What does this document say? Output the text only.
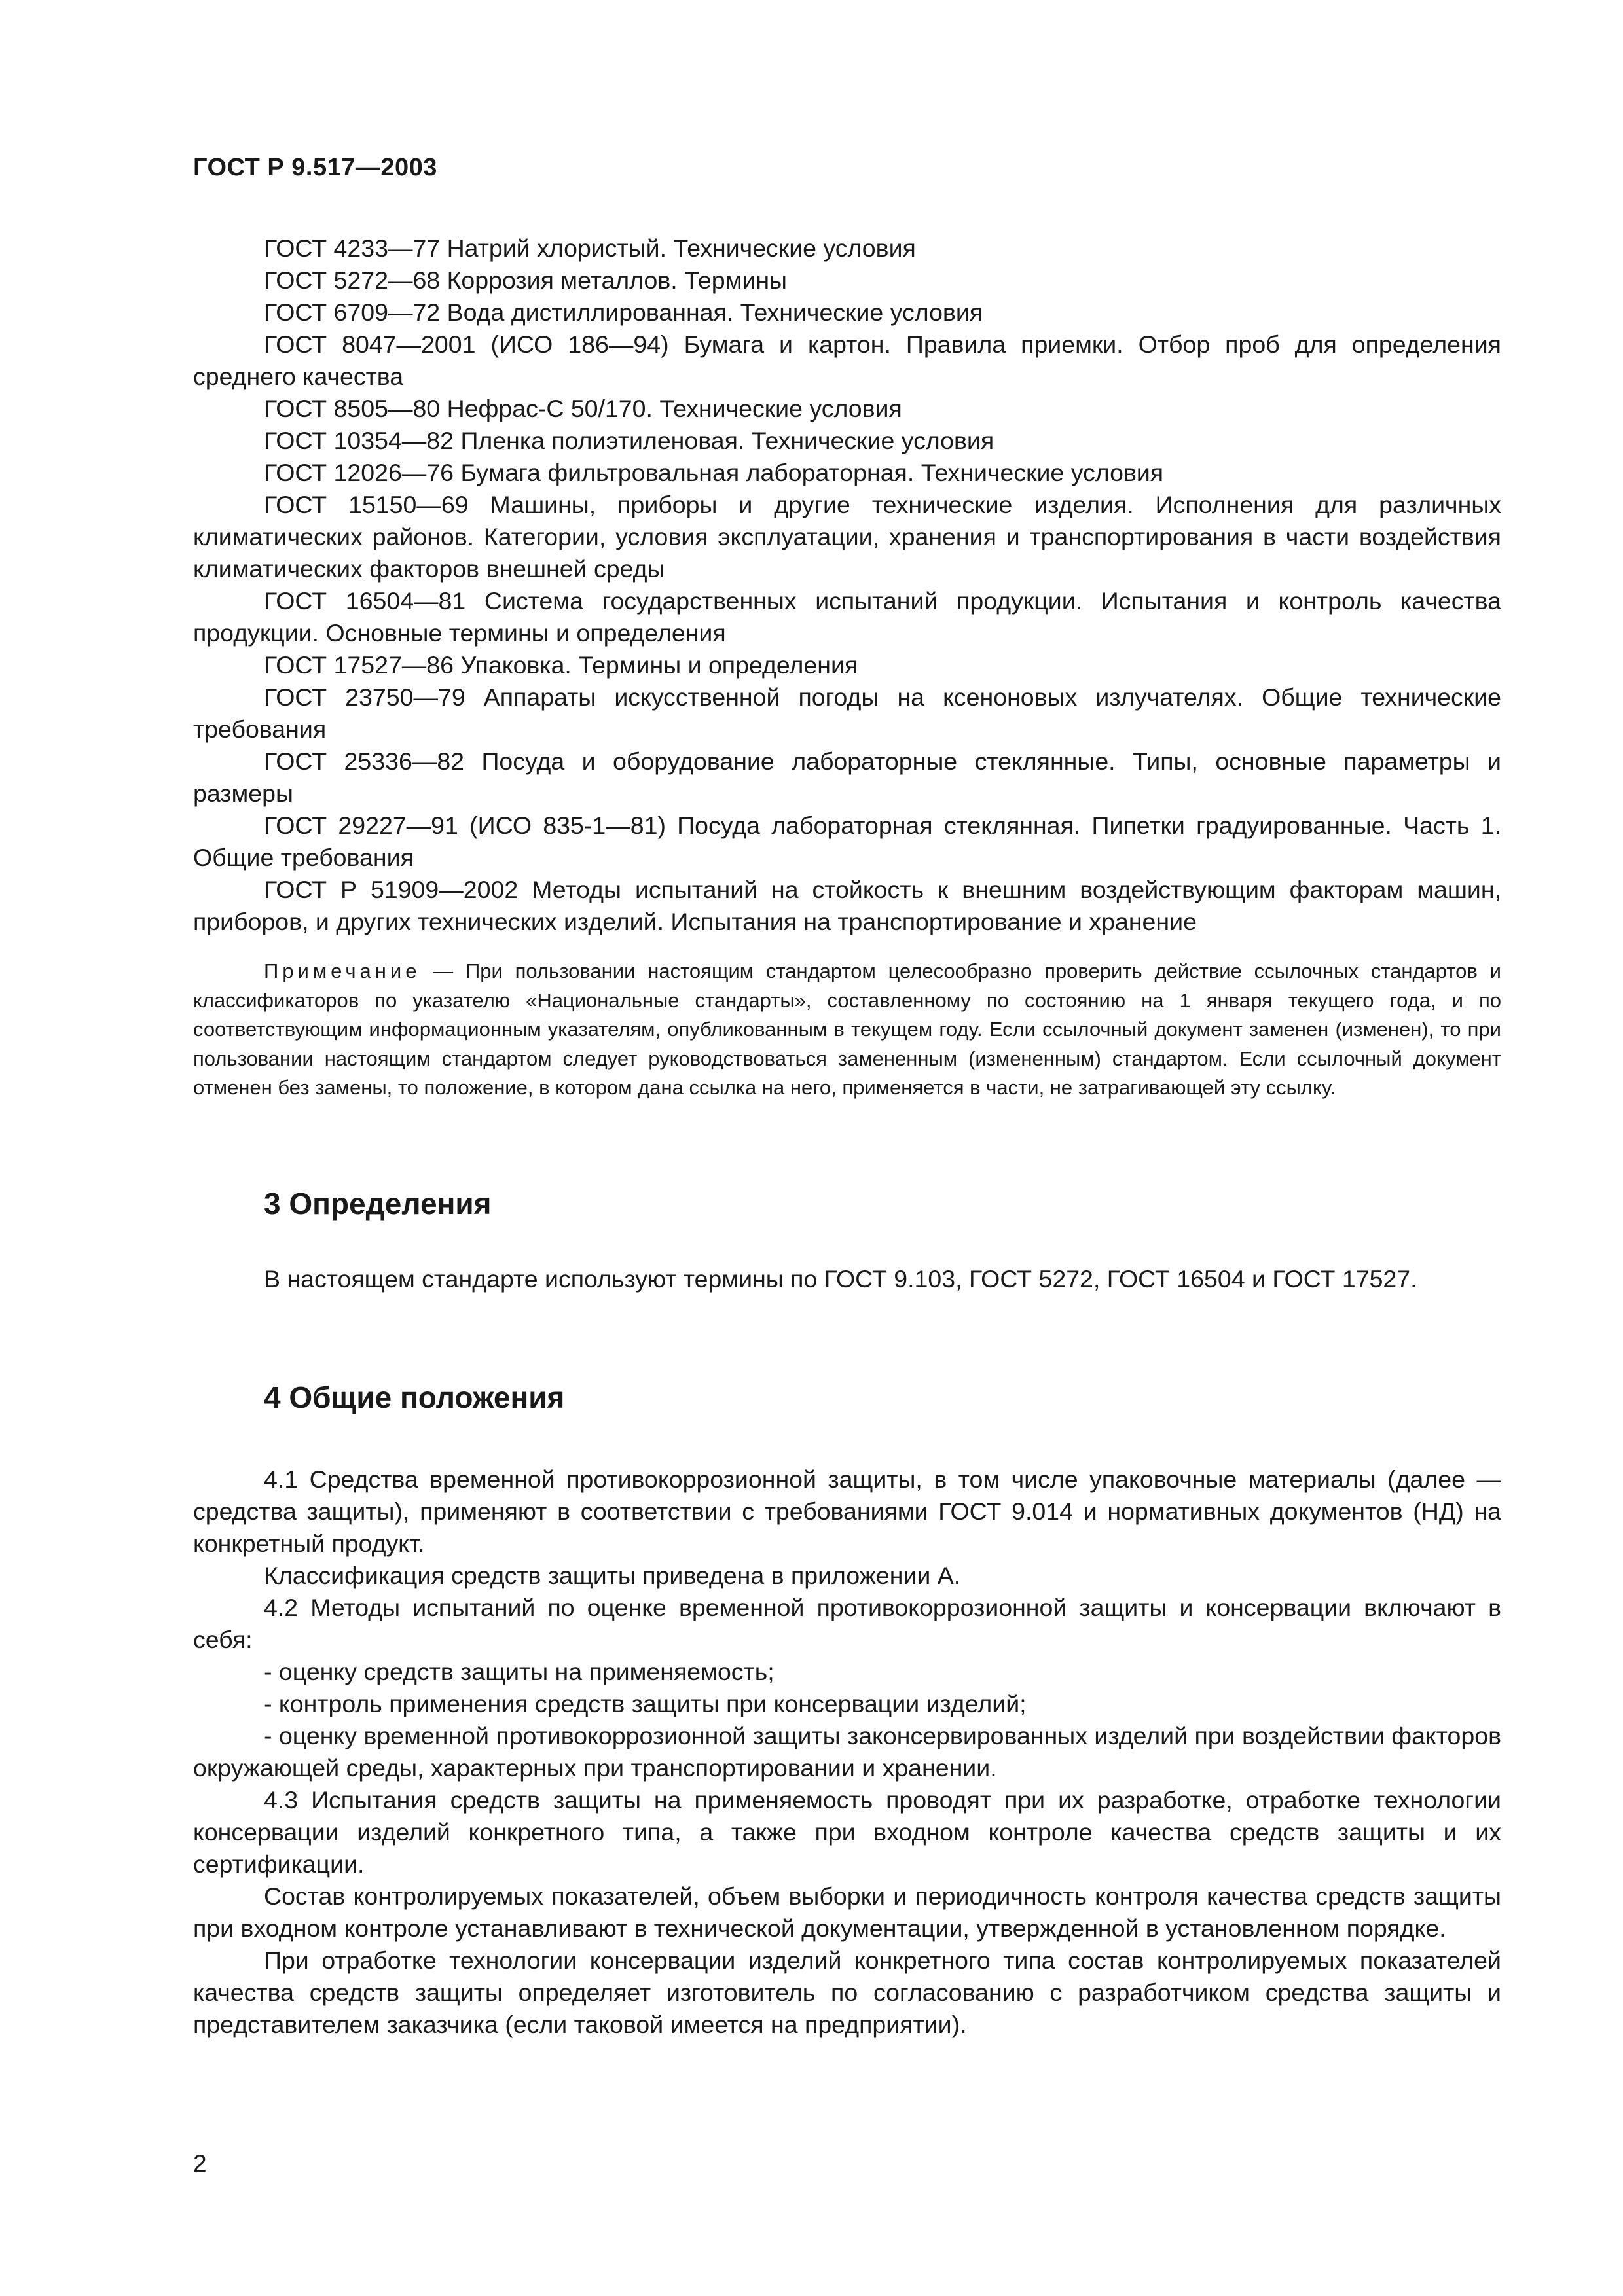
ГОСТ Р 9.517—2003

ГОСТ 4233—77 Натрий хлористый. Технические условия

ГОСТ 5272—68 Коррозия металлов. Термины

ГОСТ 6709—72 Вода дистиллированная. Технические условия

ГОСТ 8047—2001 (ИСО 186—94) Бумага и картон. Правила приемки. Отбор проб для определения среднего качества

ГОСТ 8505—80 Нефрас-С 50/170. Технические условия

ГОСТ 10354—82 Пленка полиэтиленовая. Технические условия

ГОСТ 12026—76 Бумага фильтровальная лабораторная. Технические условия

ГОСТ 15150—69 Машины, приборы и другие технические изделия. Исполнения для различных климатических районов. Категории, условия эксплуатации, хранения и транспортирования в части воздействия климатических факторов внешней среды

ГОСТ 16504—81 Система государственных испытаний продукции. Испытания и контроль качества продукции. Основные термины и определения

ГОСТ 17527—86 Упаковка. Термины и определения

ГОСТ 23750—79 Аппараты искусственной погоды на ксеноновых излучателях. Общие технические требования

ГОСТ 25336—82 Посуда и оборудование лабораторные стеклянные. Типы, основные параметры и размеры

ГОСТ 29227—91 (ИСО 835-1—81) Посуда лабораторная стеклянная. Пипетки градуированные. Часть 1. Общие требования

ГОСТ Р 51909—2002 Методы испытаний на стойкость к внешним воздействующим факторам машин, приборов, и других технических изделий. Испытания на транспортирование и хранение

Примечание — При пользовании настоящим стандартом целесообразно проверить действие ссылочных стандартов и классификаторов по указателю «Национальные стандарты», составленному по состоянию на 1 января текущего года, и по соответствующим информационным указателям, опубликованным в текущем году. Если ссылочный документ заменен (изменен), то при пользовании настоящим стандартом следует руководствоваться замененным (измененным) стандартом. Если ссылочный документ отменен без замены, то положение, в котором дана ссылка на него, применяется в части, не затрагивающей эту ссылку.
3 Определения

В настоящем стандарте используют термины по ГОСТ 9.103, ГОСТ 5272, ГОСТ 16504 и ГОСТ 17527.

4 Общие положения

4.1 Средства временной противокоррозионной защиты, в том числе упаковочные материалы (далее — средства защиты), применяют в соответствии с требованиями ГОСТ 9.014 и нормативных документов (НД) на конкретный продукт.

Классификация средств защиты приведена в приложении А.

4.2 Методы испытаний по оценке временной противокоррозионной защиты и консервации включают в себя:

- оценку средств защиты на применяемость;

- контроль применения средств защиты при консервации изделий;

- оценку временной противокоррозионной защиты законсервированных изделий при воздействии факторов окружающей среды, характерных при транспортировании и хранении.

4.3 Испытания средств защиты на применяемость проводят при их разработке, отработке технологии консервации изделий конкретного типа, а также при входном контроле качества средств защиты и их сертификации.

Состав контролируемых показателей, объем выборки и периодичность контроля качества средств защиты при входном контроле устанавливают в технической документации, утвержденной в установленном порядке.

При отработке технологии консервации изделий конкретного типа состав контролируемых показателей качества средств защиты определяет изготовитель по согласованию с разработчиком средства защиты и представителем заказчика (если таковой имеется на предприятии).

2
